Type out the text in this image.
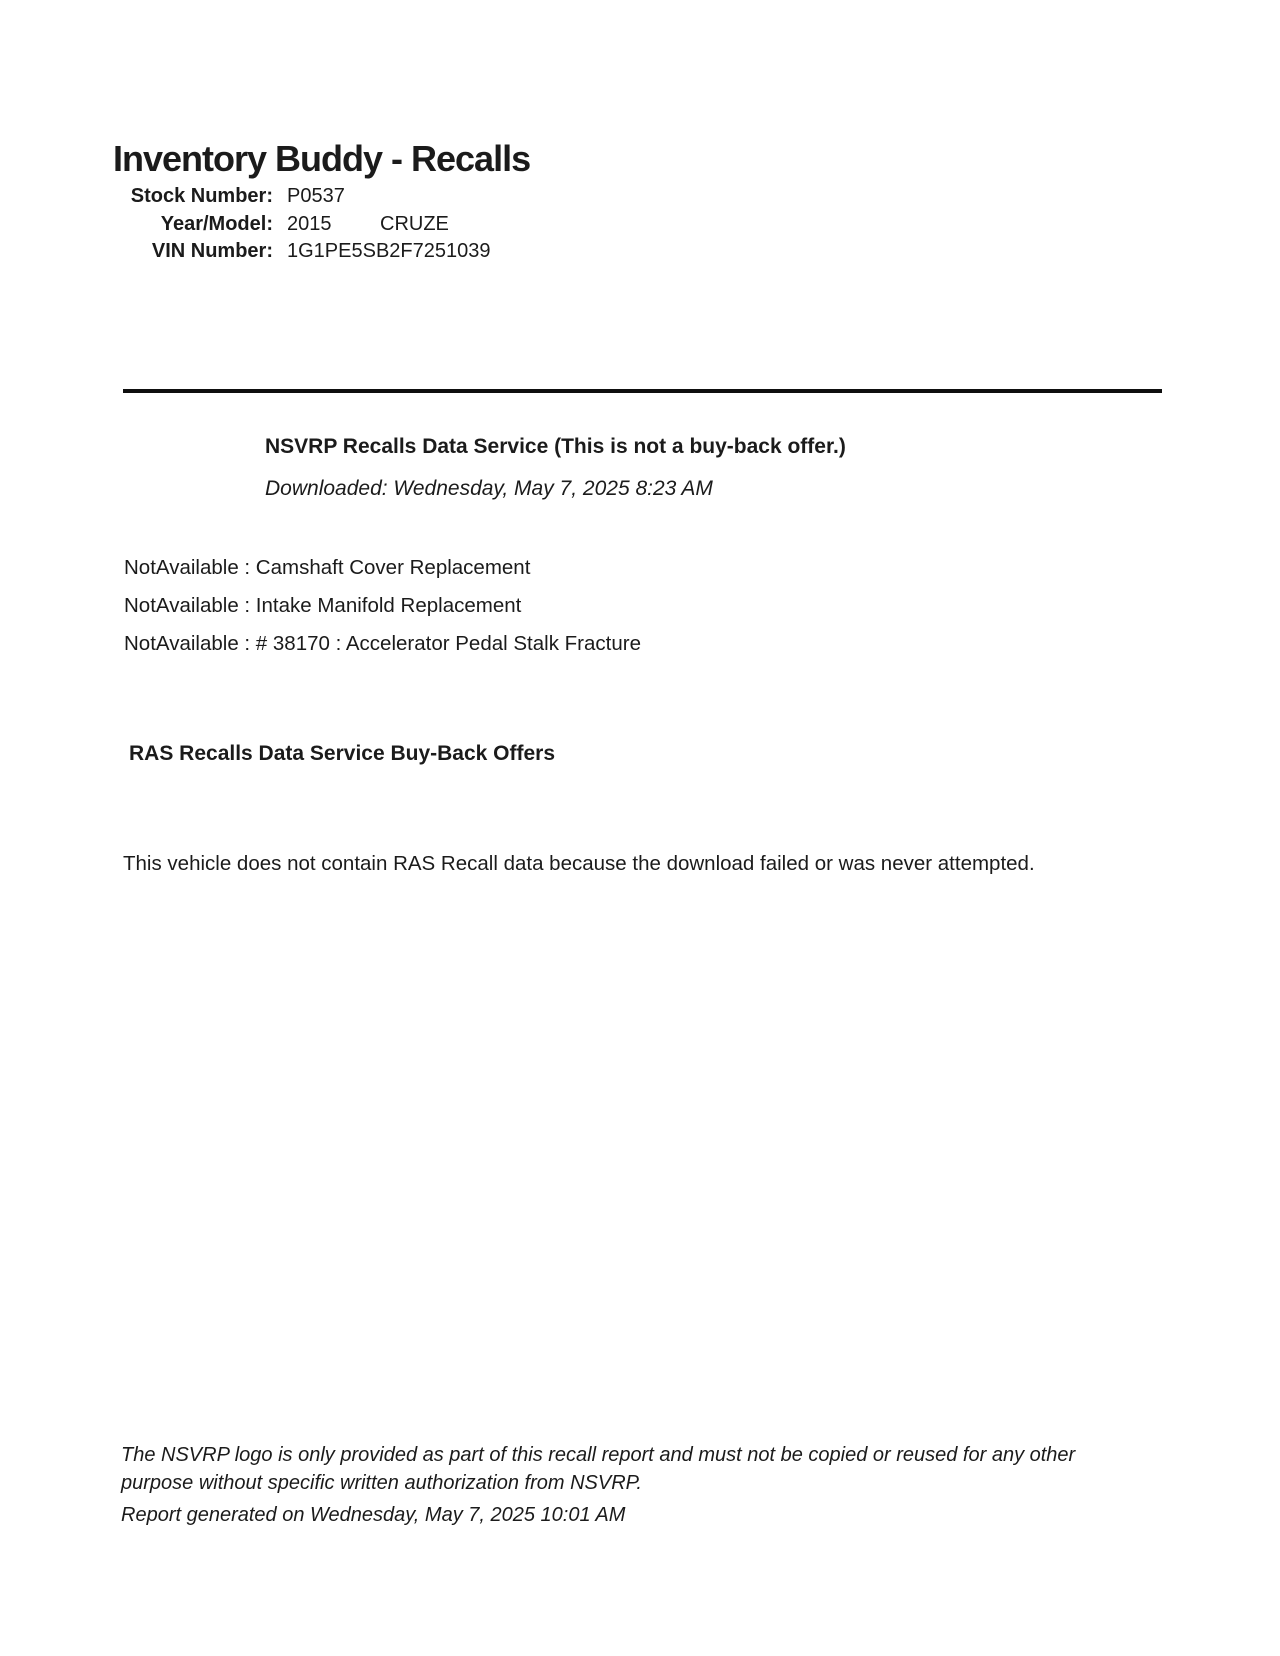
Inventory Buddy - Recalls
Stock Number: P0537
Year/Model: 2015 CRUZE
VIN Number: 1G1PE5SB2F7251039
NSVRP Recalls Data Service (This is not a buy-back offer.)
Downloaded: Wednesday, May 7, 2025 8:23 AM
NotAvailable : Camshaft Cover Replacement
NotAvailable : Intake Manifold Replacement
NotAvailable : # 38170 : Accelerator Pedal Stalk Fracture
RAS Recalls Data Service Buy-Back Offers
This vehicle does not contain RAS Recall data because the download failed or was never attempted.
The NSVRP logo is only provided as part of this recall report and must not be copied or reused for any other purpose without specific written authorization from NSVRP.
Report generated on Wednesday, May 7, 2025 10:01 AM
